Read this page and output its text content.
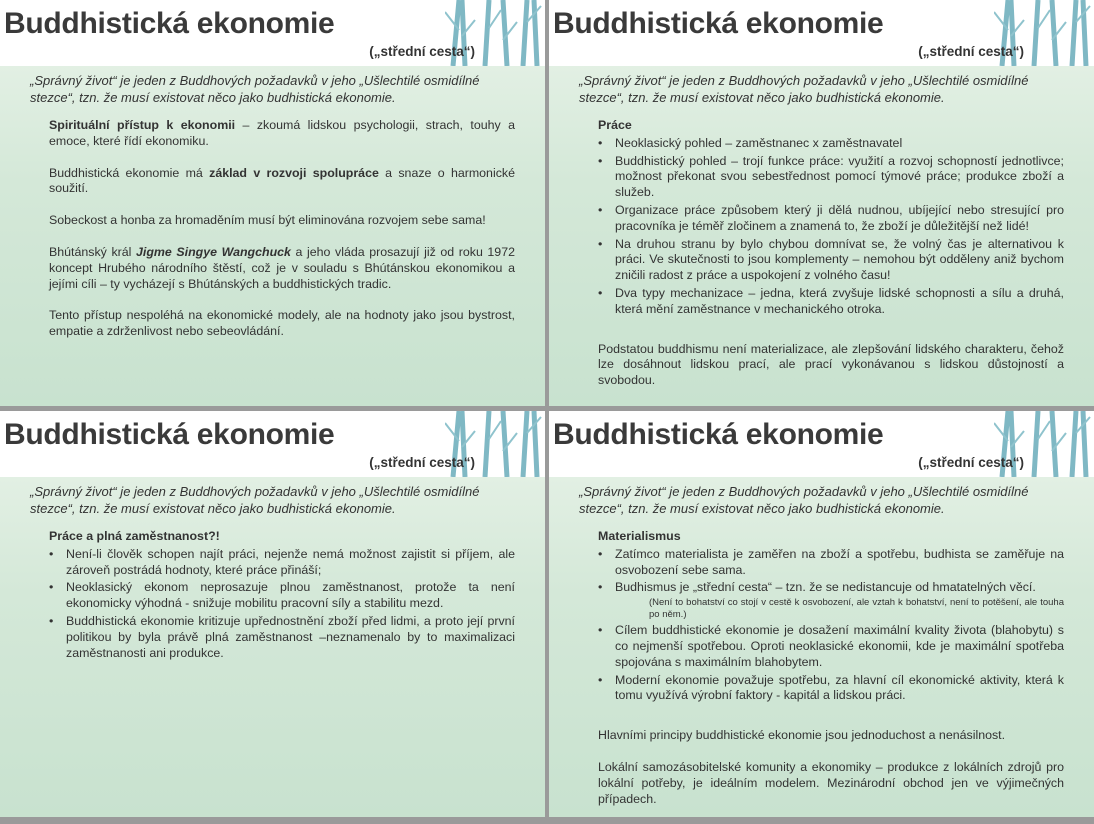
Buddhistická ekonomie
(„střední cesta“)
„Správný život“ je jeden z Buddhových požadavků v jeho „Ušlechtilé osmidílné stezce“, tzn. že musí existovat něco jako budhistická ekonomie.

Spirituální přístup k ekonomii – zkoumá lidskou psychologii, strach, touhy a emoce, které řídí ekonomiku.

Buddhistická ekonomie má základ v rozvoji spolupráce a snaze o harmonické soužití.

Sobeckost a honba za hromaděním musí být eliminována rozvojem sebe sama!

Bhútánský král Jigme Singye Wangchuck a jeho vláda prosazují již od roku 1972 koncept Hrubého národního štěstí, což je v souladu s Bhútánskou ekonomikou a jejími cíli – ty vycházejí s Bhútánských a buddhistických tradic.

Tento přístup nespoléhá na ekonomické modely, ale na hodnoty jako jsou bystrost, empatie a zdrženlivost nebo sebeovládání.

Buddhistická ekonomie
(„střední cesta“)
„Správný život“ je jeden z Buddhových požadavků v jeho „Ušlechtilé osmidílné stezce“, tzn. že musí existovat něco jako budhistická ekonomie.
Práce
• Neoklasický pohled – zaměstnanec x zaměstnavatel
• Buddhistický pohled – trojí funkce práce: využití a rozvoj schopností jednotlivce; možnost překonat svou sebestřednost pomocí týmové práce; produkce zboží a služeb.
• Organizace práce způsobem který ji dělá nudnou, ubíjející nebo stresující pro pracovníka je téměř zločinem a znamená to, že zboží je důležitější než lidé!
• Na druhou stranu by bylo chybou domnívat se, že volný čas je alternativou k práci. Ve skutečnosti to jsou komplementy – nemohou být odděleny aniž bychom zničili radost z práce a uspokojení z volného času!
• Dva typy mechanizace – jedna, která zvyšuje lidské schopnosti a sílu a druhá, která mění zaměstnance v mechanického otroka.

Podstatou buddhismu není materializace, ale zlepšování lidského charakteru, čehož lze dosáhnout lidskou prací, ale prací vykonávanou s lidskou důstojností a svobodou.

Buddhistická ekonomie
(„střední cesta“)
„Správný život“ je jeden z Buddhových požadavků v jeho „Ušlechtilé osmidílné stezce“, tzn. že musí existovat něco jako budhistická ekonomie.
Práce a plná zaměstnanost?!
• Není-li člověk schopen najít práci, nejenže nemá možnost zajistit si příjem, ale zároveň postrádá hodnoty, které práce přináší;
• Neoklasický ekonom neprosazuje plnou zaměstnanost, protože ta není ekonomicky výhodná - snižuje mobilitu pracovní síly a stabilitu mezd.
• Buddhistická ekonomie kritizuje upřednostnění zboží před lidmi, a proto její první politikou by byla právě plná zaměstnanost –neznamenalo by to maximalizaci zaměstnanosti ani produkce.
Buddhistická ekonomie
(„střední cesta“)
„Správný život“ je jeden z Buddhových požadavků v jeho „Ušlechtilé osmidílné stezce“, tzn. že musí existovat něco jako budhistická ekonomie.
Materialismus
• Zatímco materialista je zaměřen na zboží a spotřebu, budhista se zaměřuje na osvobození sebe sama.
• Budhismus je „střední cesta“ – tzn. že se nedistancuje od hmatatelných věcí.
(Není to bohatství co stojí v cestě k osvobození, ale vztah k bohatství, není to potěšení, ale touha po něm.)
• Cílem buddhistické ekonomie je dosažení maximální kvality života (blahobytu) s co nejmenší spotřebou. Oproti neoklasické ekonomii, kde je maximální spotřeba spojována s maximálním blahobytem.
• Moderní ekonomie považuje spotřebu, za hlavní cíl ekonomické aktivity, která k tomu využívá výrobní faktory - kapitál a lidskou práci.

Hlavními principy buddhistické ekonomie jsou jednoduchost a nenásilnost.

Lokální samozásobitelské komunity a ekonomiky – produkce z lokálních zdrojů pro lokální potřeby, je ideálním modelem. Mezinárodní obchod jen ve výjimečných případech.
